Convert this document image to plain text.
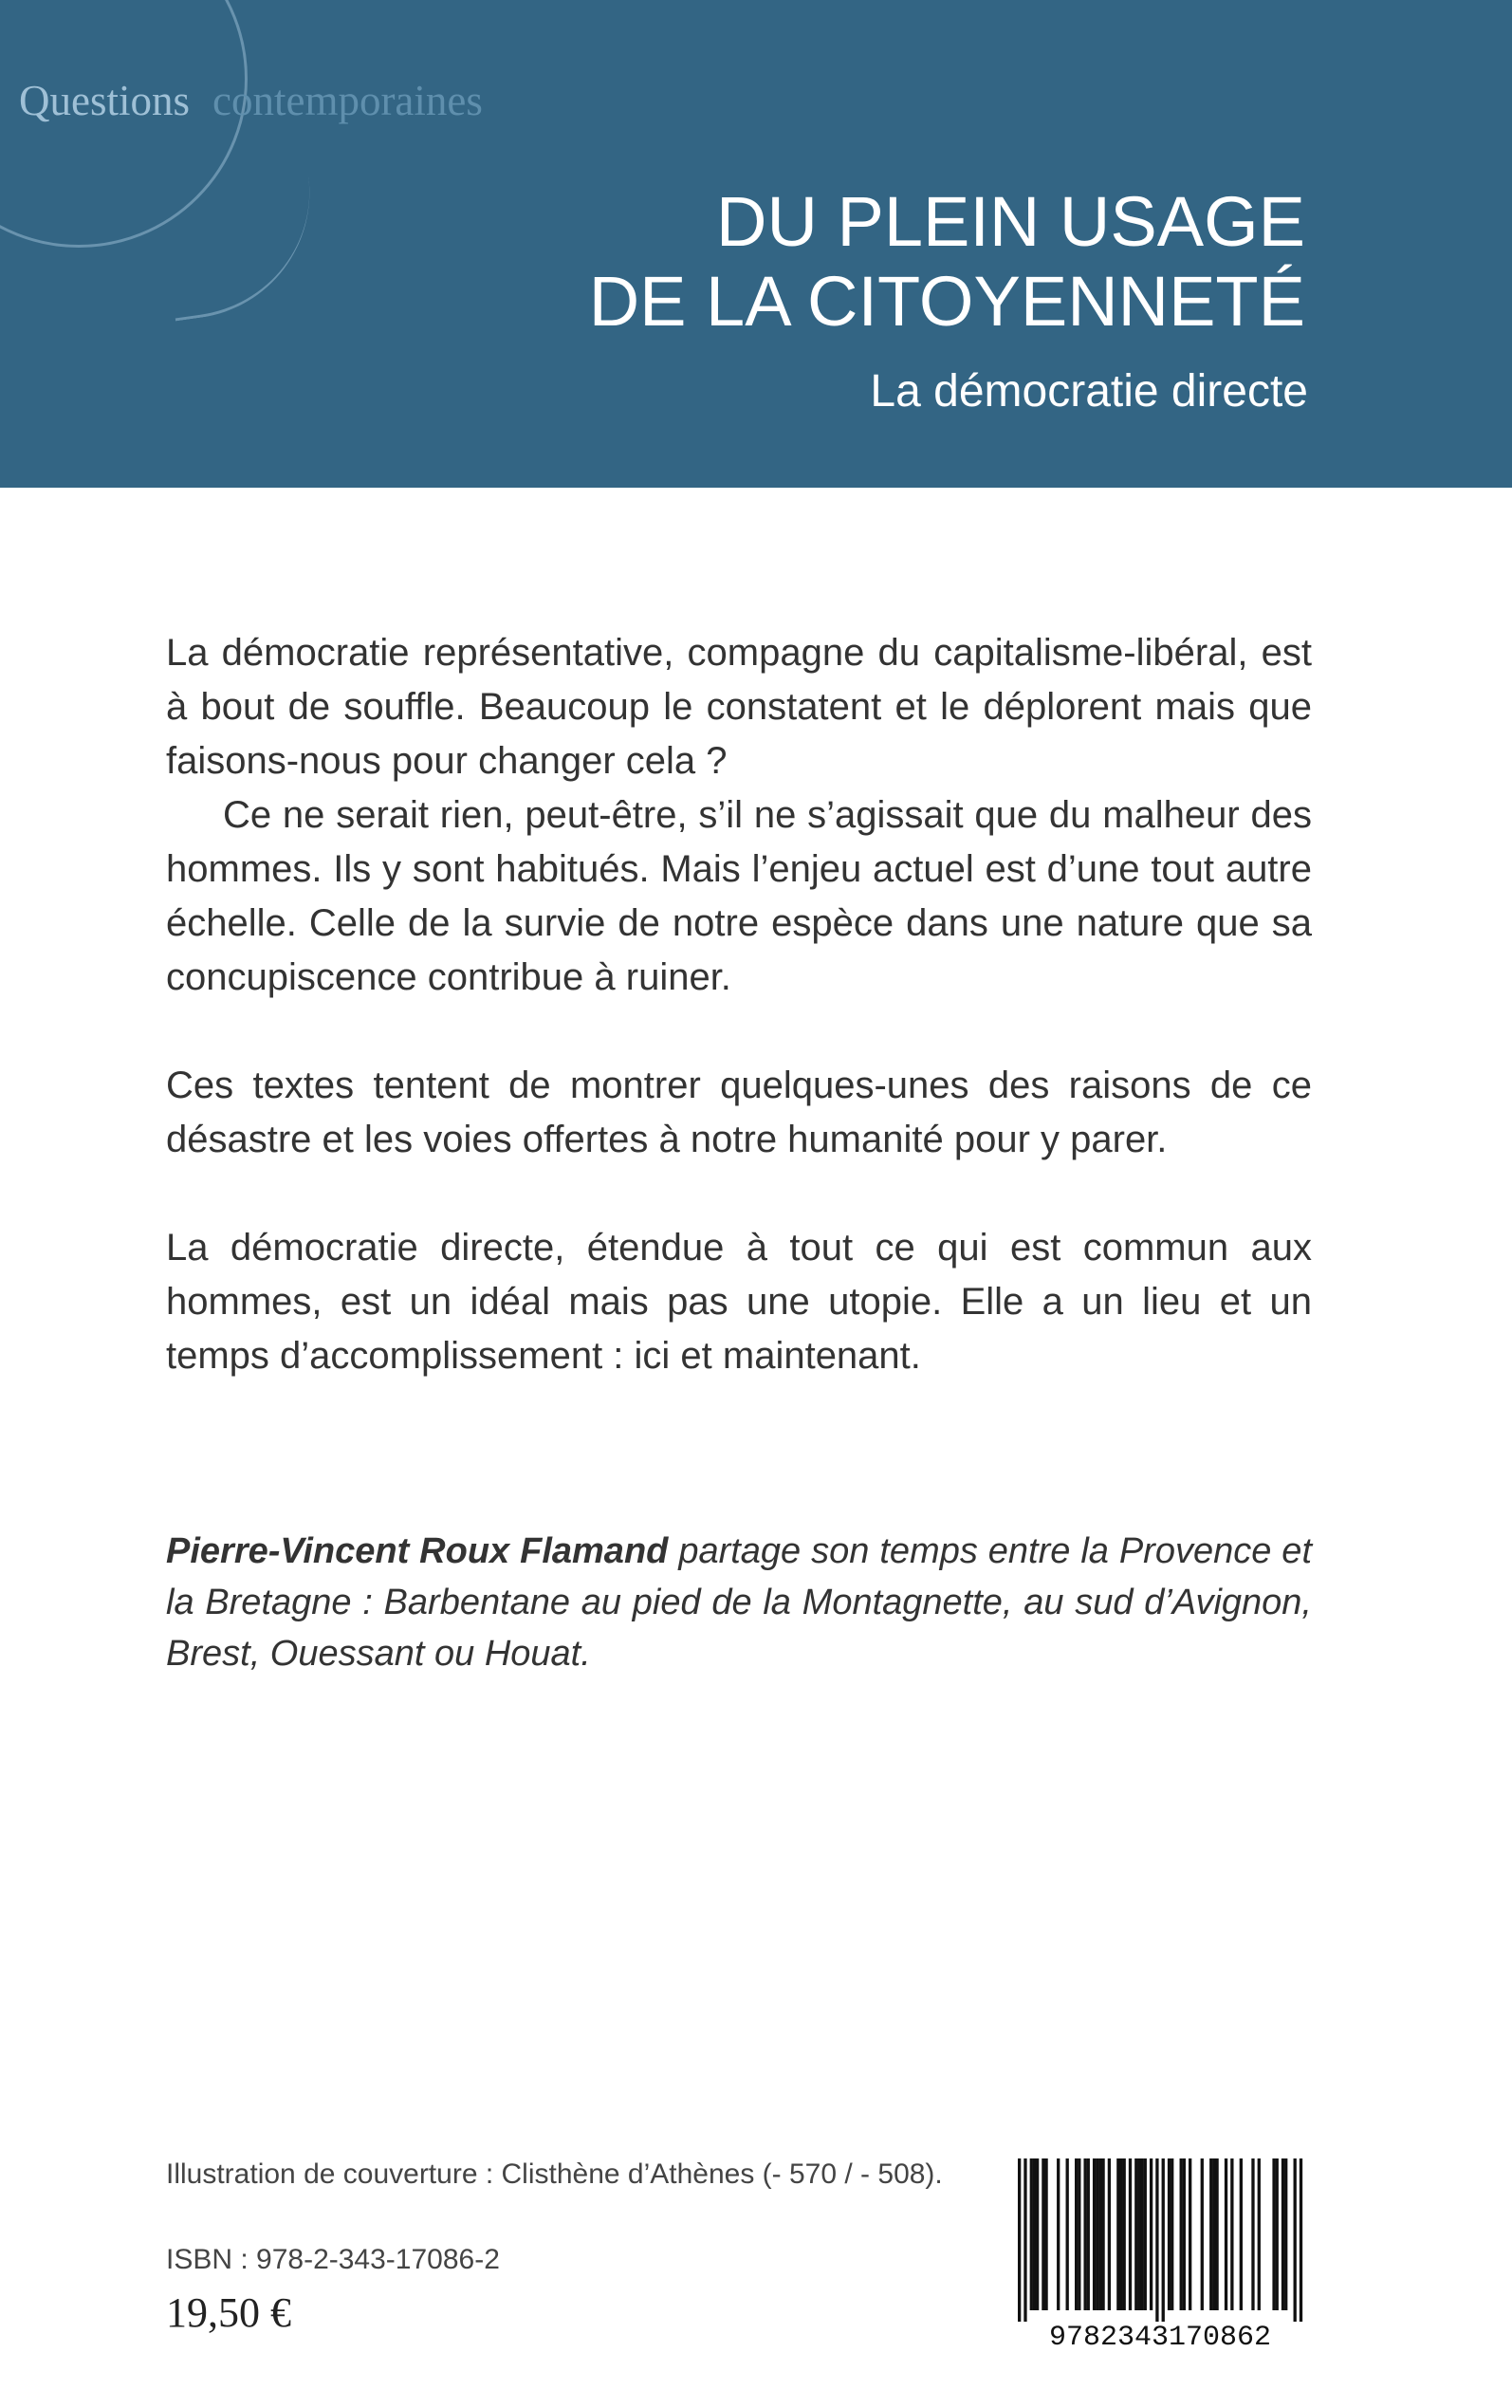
Questions contemporaines
DU PLEIN USAGE
DE LA CITOYENNETÉ
La démocratie directe

La démocratie représentative, compagne du capitalisme-libéral, est à bout de souffle. Beaucoup le constatent et le déplorent mais que faisons-nous pour changer cela ?

Ce ne serait rien, peut-être, s’il ne s’agissait que du malheur des hommes. Ils y sont habitués. Mais l’enjeu actuel est d’une tout autre échelle. Celle de la survie de notre espèce dans une nature que sa concupiscence contribue à ruiner.

Ces textes tentent de montrer quelques-unes des raisons de ce désastre et les voies offertes à notre humanité pour y parer.

La démocratie directe, étendue à tout ce qui est commun aux hommes, est un idéal mais pas une utopie. Elle a un lieu et un temps d’accomplissement : ici et maintenant.

Pierre-Vincent Roux Flamand partage son temps entre la Provence et la Bretagne : Barbentane au pied de la Montagnette, au sud d’Avignon, Brest, Ouessant ou Houat.
Illustration de couverture : Clisthène d’Athènes (- 570 / - 508).
ISBN : 978-2-343-17086-2
19,50 €
9782343170862
